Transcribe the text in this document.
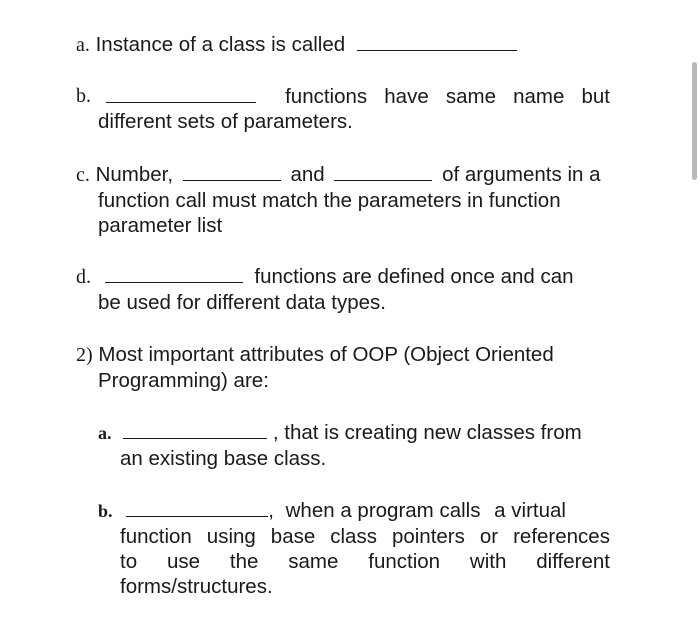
a. Instance of a class is called
b.	functions have same name but
different sets of parameters.
c. Number,	and	of arguments in a
function call must match the parameters in function
parameter list
d.	functions are defined once and can
be used for different data types.
2) Most important attributes of OOP (Object Oriented
Programming) are:
a.	, that is creating new classes from
an existing base class.
b.	, when a program calls a virtual
function using base class pointers or references
to use the same function with different
forms/structures.
